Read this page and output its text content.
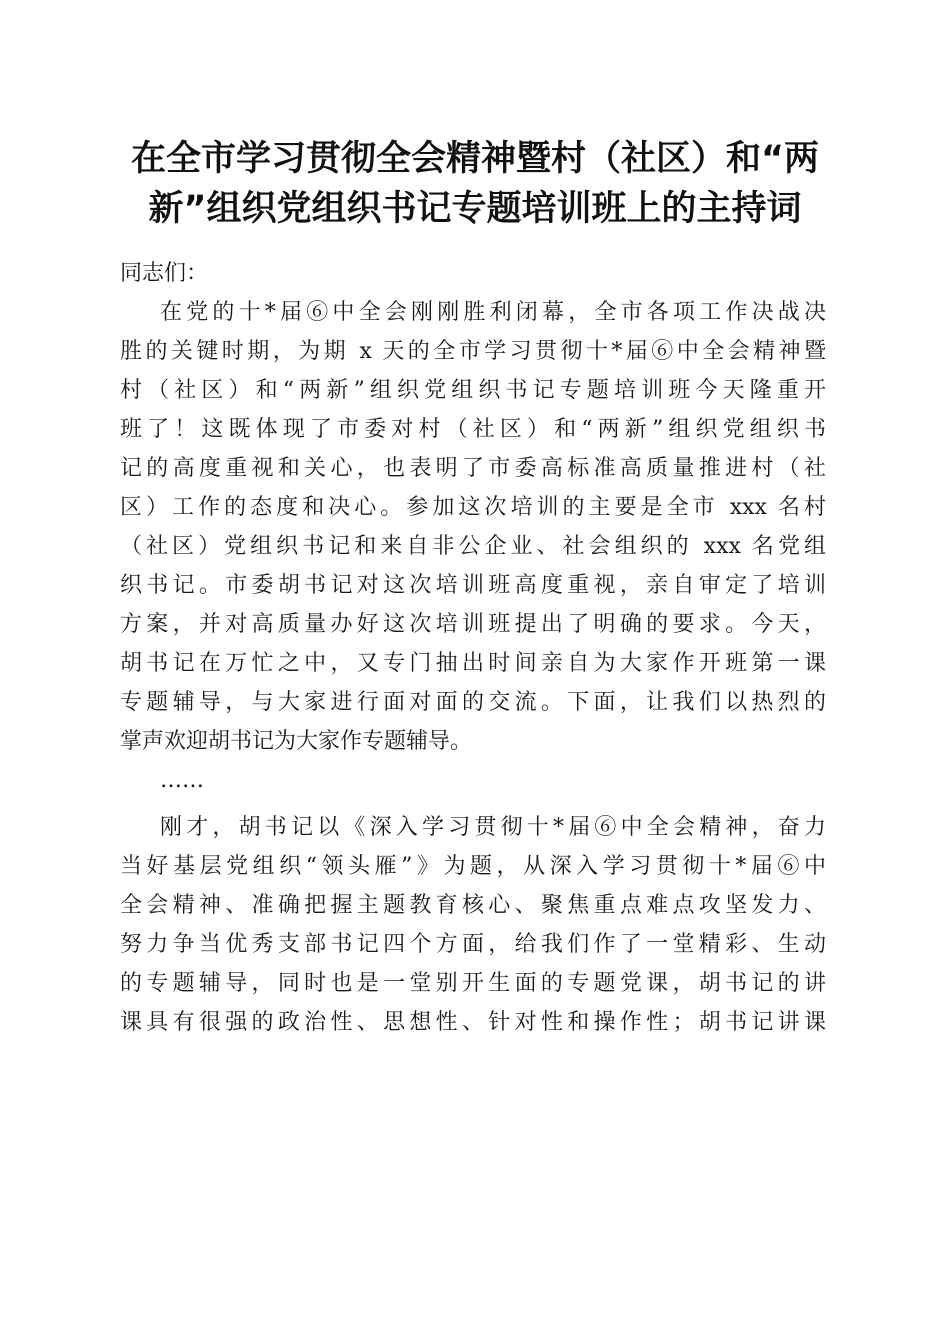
在全市学习贯彻全会精神暨村（社区）和“两
新”组织党组织书记专题培训班上的主持词
同志们：
在党的十*届⑥中全会刚刚胜利闭幕，全市各项工作决战决
胜的关键时期，为期 x 天的全市学习贯彻十*届⑥中全会精神暨
村（社区）和“两新”组织党组织书记专题培训班今天隆重开
班了！这既体现了市委对村（社区）和“两新”组织党组织书
记的高度重视和关心，也表明了市委高标准高质量推进村（社
区）工作的态度和决心。参加这次培训的主要是全市 xxx 名村
（社区）党组织书记和来自非公企业、社会组织的 xxx 名党组
织书记。市委胡书记对这次培训班高度重视，亲自审定了培训
方案，并对高质量办好这次培训班提出了明确的要求。今天，
胡书记在万忙之中，又专门抽出时间亲自为大家作开班第一课
专题辅导，与大家进行面对面的交流。下面，让我们以热烈的
掌声欢迎胡书记为大家作专题辅导。
……
刚才，胡书记以《深入学习贯彻十*届⑥中全会精神，奋力
当好基层党组织“领头雁”》为题，从深入学习贯彻十*届⑥中
全会精神、准确把握主题教育核心、聚焦重点难点攻坚发力、
努力争当优秀支部书记四个方面，给我们作了一堂精彩、生动
的专题辅导，同时也是一堂别开生面的专题党课，胡书记的讲
课具有很强的政治性、思想性、针对性和操作性；胡书记讲课
